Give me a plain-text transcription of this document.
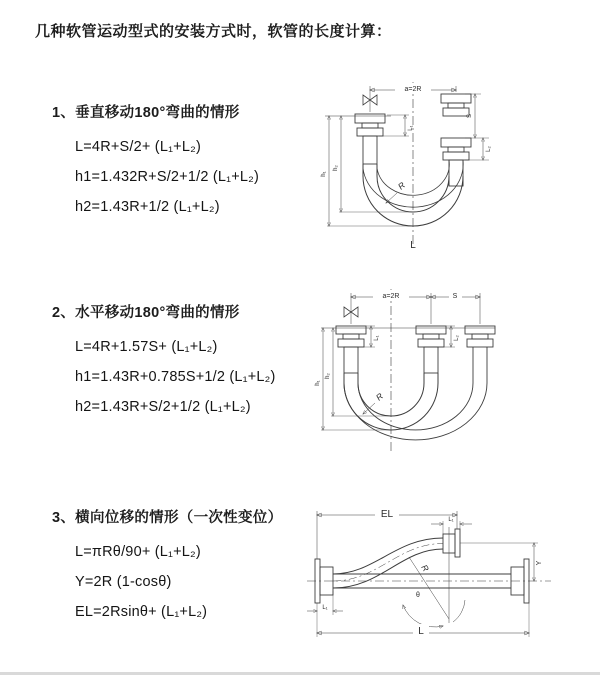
几种软管运动型式的安装方式时，软管的长度计算：
1、垂直移动180°弯曲的情形
L=4R+S/2+ (L₁+L₂)
h1=1.432R+S/2+1/2 (L₁+L₂)
h2=1.43R+1/2 (L₁+L₂)
2、水平移动180°弯曲的情形
L=4R+1.57S+ (L₁+L₂)
h1=1.43R+0.785S+1/2 (L₁+L₂)
h2=1.43R+S/2+1/2 (L₁+L₂)
3、横向位移的情形（一次性变位）
L=πRθ/90+ (L₁+L₂)
Y=2R (1-cosθ)
EL=2Rsinθ+ (L₁+L₂)
a=2R
L₁
S
L₂
h₁
h₂
R
L
a=2R	S
L₁	L₂
h₁
h₂
R
θ
R
EL	L₁
Y
L₁
L
